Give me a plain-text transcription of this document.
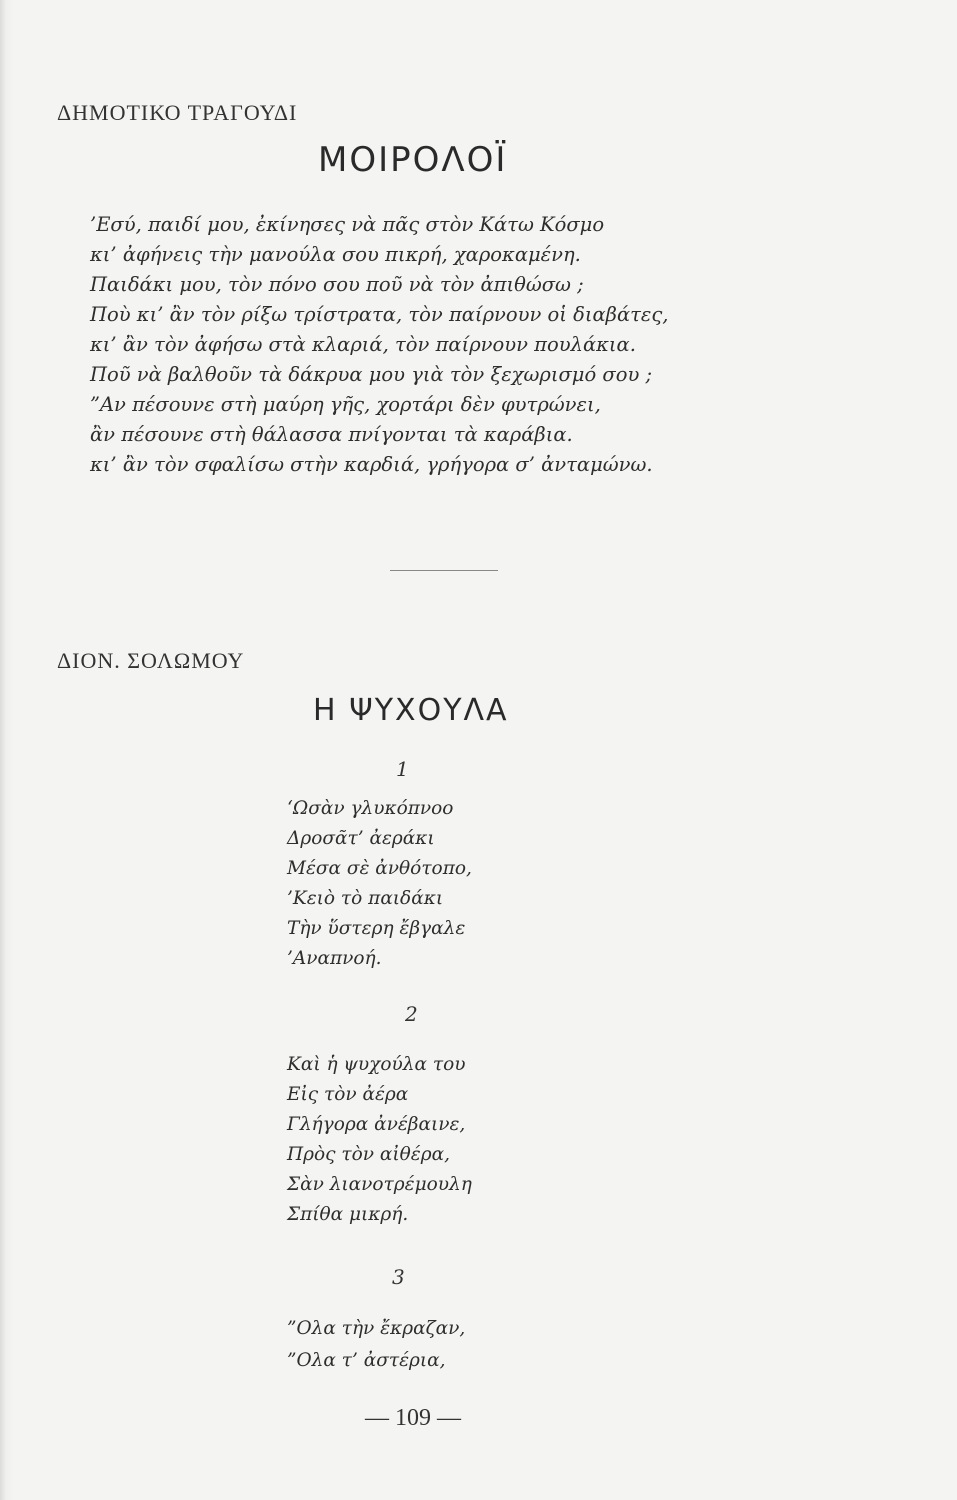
ΔΗΜΟΤΙΚΟ ΤΡΑΓΟΥΔΙ
ΜΟΙΡΟΛΟΪ
’Εσύ, παιδί μου, ἐκίνησες νὰ πᾶς στὸν Κάτω Κόσμο
κι’ ἀφήνεις τὴν μανούλα σου πικρή, χαροκαμένη.
Παιδάκι μου, τὸν πόνο σου ποῦ νὰ τὸν ἀπιθώσω ;
Ποὺ κι’ ἂν τὸν ρίξω τρίστρατα, τὸν παίρνουν οἱ διαβάτες,
κι’ ἂν τὸν ἀφήσω στὰ κλαριά, τὸν παίρνουν πουλάκια.
Ποῦ νὰ βαλθοῦν τὰ δάκρυα μου γιὰ τὸν ξεχωρισμό σου ;
”Αν πέσουνε στὴ μαύρη γῆς, χορτάρι δὲν φυτρώνει,
ἂν πέσουνε στὴ θάλασσα πνίγονται τὰ καράβια.
κι’ ἂν τὸν σφαλίσω στὴν καρδιά, γρήγορα σ’ ἀνταμώνω.
ΔΙΟΝ. ΣΟΛΩΜΟΥ
Η ΨΥΧΟΥΛΑ
1
‘Ωσὰν γλυκόπνοο
Δροσᾶτ’ ἀεράκι
Μέσα σὲ ἀνθότοπο,
’Κειὸ τὸ παιδάκι
Τὴν ὕστερη ἔβγαλε
’Αναπνοή.
2
Καὶ ἡ ψυχούλα του
Εἰς τὸν ἀέρα
Γλήγορα ἀνέβαινε,
Πρὸς τὸν αἰθέρα,
Σὰν λιανοτρέμουλη
Σπίθα μικρή.
3
”Ολα τὴν ἔκραζαν,
”Ολα τ’ ἀστέρια,
— 109 —
